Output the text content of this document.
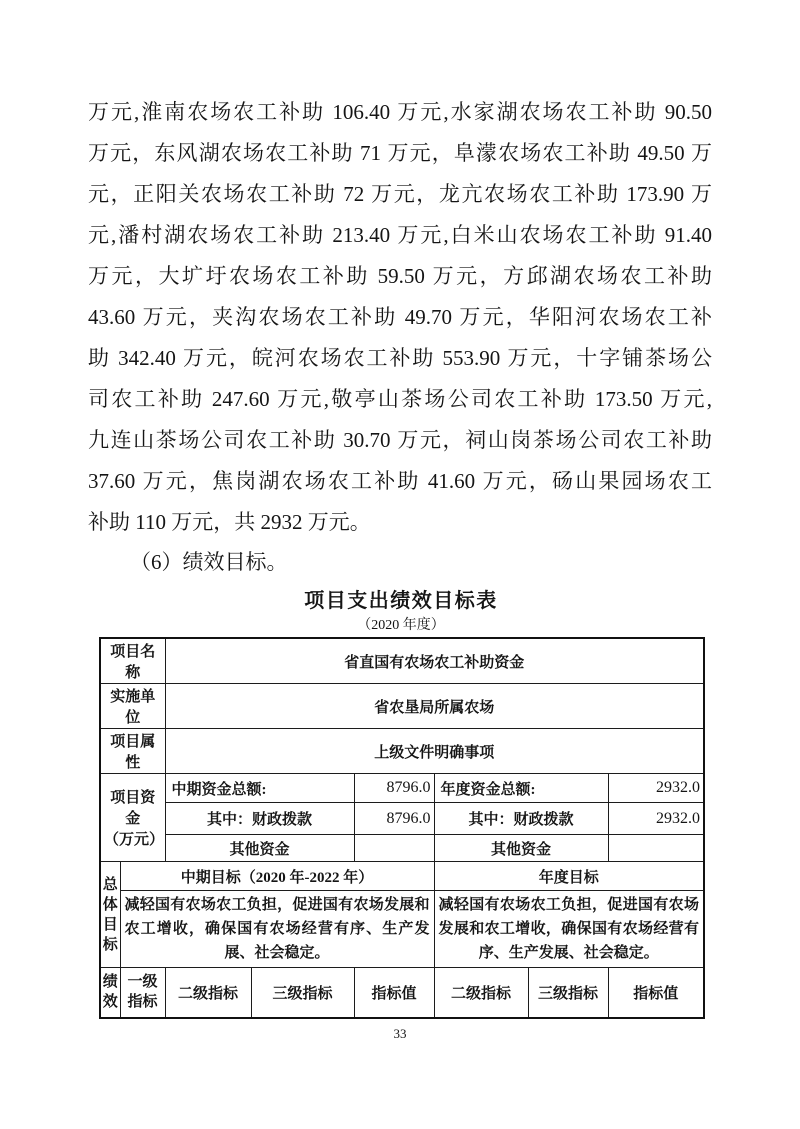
万元,淮南农场农工补助 106.40 万元,水家湖农场农工补助 90.50
万元，东风湖农场农工补助 71 万元，阜濛农场农工补助 49.50 万
元，正阳关农场农工补助 72 万元，龙亢农场农工补助 173.90 万
元,潘村湖农场农工补助 213.40 万元,白米山农场农工补助 91.40
万元，大圹圩农场农工补助 59.50 万元，方邱湖农场农工补助
43.60 万元，夹沟农场农工补助 49.70 万元，华阳河农场农工补
助 342.40 万元，皖河农场农工补助 553.90 万元，十字铺茶场公
司农工补助 247.60 万元,敬亭山茶场公司农工补助 173.50 万元,
九连山茶场公司农工补助 30.70 万元，祠山岗茶场公司农工补助
37.60 万元，焦岗湖农场农工补助 41.60 万元，砀山果园场农工
补助 110 万元，共 2932 万元。
（6）绩效目标。
项目支出绩效目标表
（2020 年度）
项目名称		省直国有农场农工补助资金					
实施单位		省农垦局所属农场					
项目属性		上级文件明确事项					

项目资金
（万元）		中期资金总额:		8796.0	年度资金总额:		2932.0
		其中：财政拨款		8796.0	其中：财政拨款		2932.0
		其他资金			其他资金		
总体目标	中期目标（2020 年-2022 年）				年度目标		
	减轻国有农场农工负担，促进国有农场发展和农工增收，确保国有农场经营有序、生产发展、社会稳定。				减轻国有农场农工负担，促进国有农场发展和农工增收，确保国有农场经营有序、生产发展、社会稳定。		
绩效	一级指标	二级指标	三级指标	指标值	二级指标	三级指标	指标值
33
